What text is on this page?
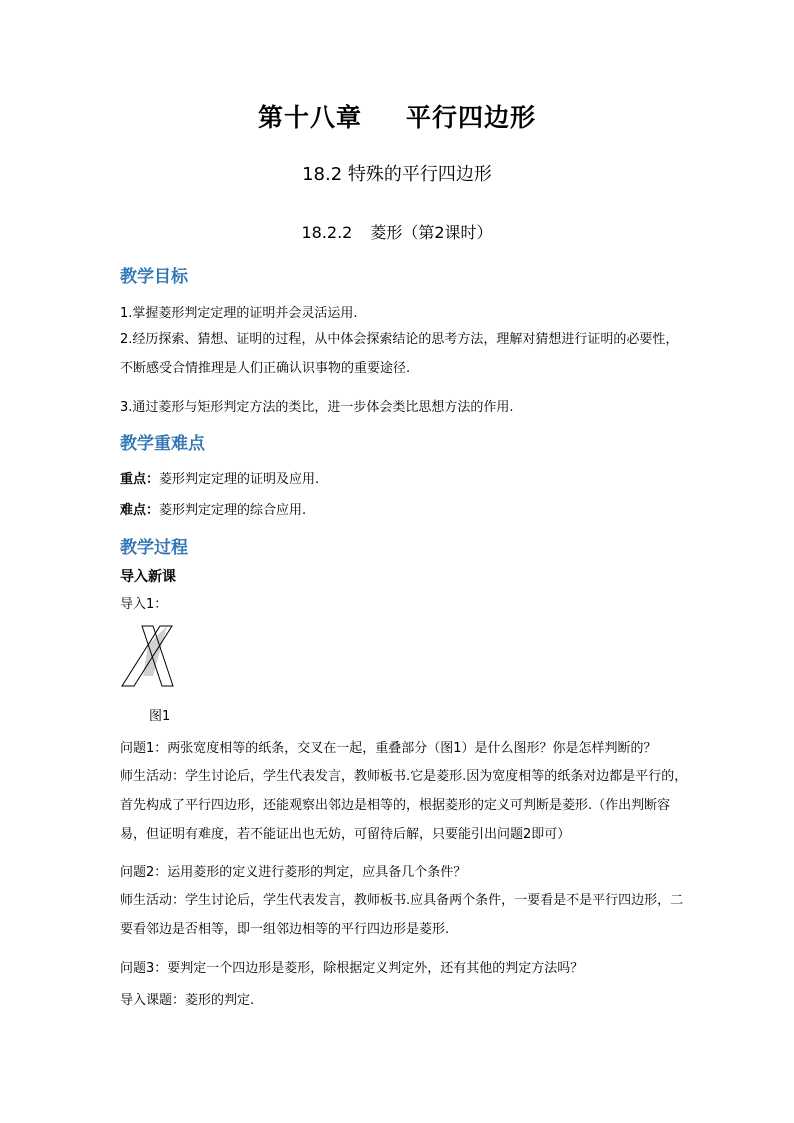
第十八章 平行四边形
18.2 特殊的平行四边形
18.2.2 菱形（第2课时）
教学目标
1.掌握菱形判定定理的证明并会灵活运用.

2.经历探索、猜想、证明的过程，从中体会探索结论的思考方法，理解对猜想进行证明的必要性，不断感受合情推理是人们正确认识事物的重要途径.

3.通过菱形与矩形判定方法的类比，进一步体会类比思想方法的作用.
教学重难点
重点：菱形判定定理的证明及应用.
难点：菱形判定定理的综合应用.
教学过程
导入新课
导入1：
图1
问题1：两张宽度相等的纸条，交叉在一起，重叠部分（图1）是什么图形？你是怎样判断的？

师生活动：学生讨论后，学生代表发言，教师板书.它是菱形.因为宽度相等的纸条对边都是平行的，首先构成了平行四边形，还能观察出邻边是相等的，根据菱形的定义可判断是菱形.（作出判断容易，但证明有难度，若不能证出也无妨，可留待后解，只要能引出问题2即可）

问题2：运用菱形的定义进行菱形的判定，应具备几个条件？

师生活动：学生讨论后，学生代表发言，教师板书.应具备两个条件，一要看是不是平行四边形，二要看邻边是否相等，即一组邻边相等的平行四边形是菱形.

问题3：要判定一个四边形是菱形，除根据定义判定外，还有其他的判定方法吗？
导入课题：菱形的判定.
